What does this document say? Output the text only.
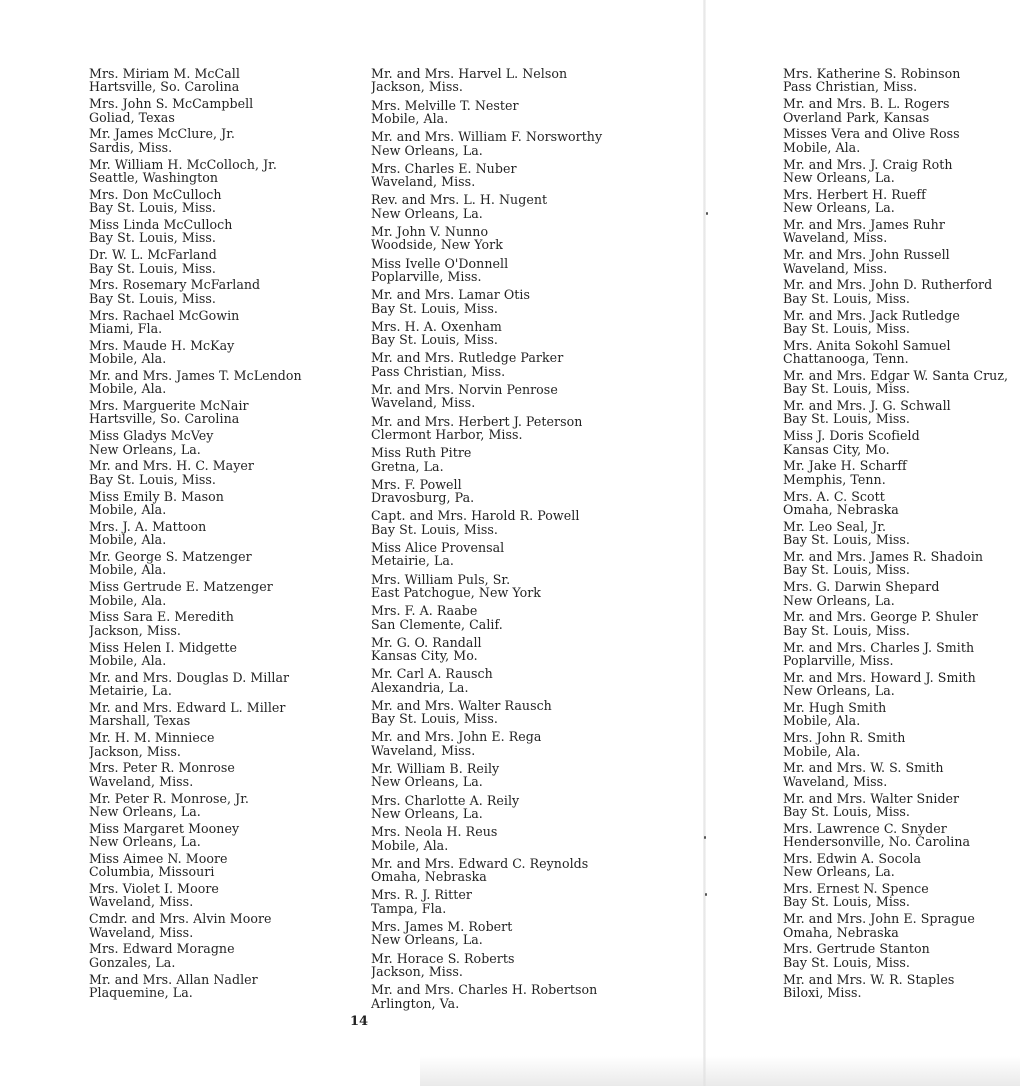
Mrs. Miriam M. McCall
Hartsville, So. Carolina
Mrs. John S. McCampbell
Goliad, Texas
Mr. James McClure, Jr.
Sardis, Miss.
Mr. William H. McColloch, Jr.
Seattle, Washington
Mrs. Don McCulloch
Bay St. Louis, Miss.
Miss Linda McCulloch
Bay St. Louis, Miss.
Dr. W. L. McFarland
Bay St. Louis, Miss.
Mrs. Rosemary McFarland
Bay St. Louis, Miss.
Mrs. Rachael McGowin
Miami, Fla.
Mrs. Maude H. McKay
Mobile, Ala.
Mr. and Mrs. James T. McLendon
Mobile, Ala.
Mrs. Marguerite McNair
Hartsville, So. Carolina
Miss Gladys McVey
New Orleans, La.
Mr. and Mrs. H. C. Mayer
Bay St. Louis, Miss.
Miss Emily B. Mason
Mobile, Ala.
Mrs. J. A. Mattoon
Mobile, Ala.
Mr. George S. Matzenger
Mobile, Ala.
Miss Gertrude E. Matzenger
Mobile, Ala.
Miss Sara E. Meredith
Jackson, Miss.
Miss Helen I. Midgette
Mobile, Ala.
Mr. and Mrs. Douglas D. Millar
Metairie, La.
Mr. and Mrs. Edward L. Miller
Marshall, Texas
Mr. H. M. Minniece
Jackson, Miss.
Mrs. Peter R. Monrose
Waveland, Miss.
Mr. Peter R. Monrose, Jr.
New Orleans, La.
Miss Margaret Mooney
New Orleans, La.
Miss Aimee N. Moore
Columbia, Missouri
Mrs. Violet I. Moore
Waveland, Miss.
Cmdr. and Mrs. Alvin Moore
Waveland, Miss.
Mrs. Edward Moragne
Gonzales, La.
Mr. and Mrs. Allan Nadler
Plaquemine, La.
Mr. and Mrs. Harvel L. Nelson
Jackson, Miss.
Mrs. Melville T. Nester
Mobile, Ala.
Mr. and Mrs. William F. Norsworthy
New Orleans, La.
Mrs. Charles E. Nuber
Waveland, Miss.
Rev. and Mrs. L. H. Nugent
New Orleans, La.
Mr. John V. Nunno
Woodside, New York
Miss Ivelle O'Donnell
Poplarville, Miss.
Mr. and Mrs. Lamar Otis
Bay St. Louis, Miss.
Mrs. H. A. Oxenham
Bay St. Louis, Miss.
Mr. and Mrs. Rutledge Parker
Pass Christian, Miss.
Mr. and Mrs. Norvin Penrose
Waveland, Miss.
Mr. and Mrs. Herbert J. Peterson
Clermont Harbor, Miss.
Miss Ruth Pitre
Gretna, La.
Mrs. F. Powell
Dravosburg, Pa.
Capt. and Mrs. Harold R. Powell
Bay St. Louis, Miss.
Miss Alice Provensal
Metairie, La.
Mrs. William Puls, Sr.
East Patchogue, New York
Mrs. F. A. Raabe
San Clemente, Calif.
Mr. G. O. Randall
Kansas City, Mo.
Mr. Carl A. Rausch
Alexandria, La.
Mr. and Mrs. Walter Rausch
Bay St. Louis, Miss.
Mr. and Mrs. John E. Rega
Waveland, Miss.
Mr. William B. Reily
New Orleans, La.
Mrs. Charlotte A. Reily
New Orleans, La.
Mrs. Neola H. Reus
Mobile, Ala.
Mr. and Mrs. Edward C. Reynolds
Omaha, Nebraska
Mrs. R. J. Ritter
Tampa, Fla.
Mrs. James M. Robert
New Orleans, La.
Mr. Horace S. Roberts
Jackson, Miss.
Mr. and Mrs. Charles H. Robertson
Arlington, Va.
Mrs. Katherine S. Robinson
Pass Christian, Miss.
Mr. and Mrs. B. L. Rogers
Overland Park, Kansas
Misses Vera and Olive Ross
Mobile, Ala.
Mr. and Mrs. J. Craig Roth
New Orleans, La.
Mrs. Herbert H. Rueff
New Orleans, La.
Mr. and Mrs. James Ruhr
Waveland, Miss.
Mr. and Mrs. John Russell
Waveland, Miss.
Mr. and Mrs. John D. Rutherford
Bay St. Louis, Miss.
Mr. and Mrs. Jack Rutledge
Bay St. Louis, Miss.
Mrs. Anita Sokohl Samuel
Chattanooga, Tenn.
Mr. and Mrs. Edgar W. Santa Cruz,
Bay St. Louis, Miss.
Mr. and Mrs. J. G. Schwall
Bay St. Louis, Miss.
Miss J. Doris Scofield
Kansas City, Mo.
Mr. Jake H. Scharff
Memphis, Tenn.
Mrs. A. C. Scott
Omaha, Nebraska
Mr. Leo Seal, Jr.
Bay St. Louis, Miss.
Mr. and Mrs. James R. Shadoin
Bay St. Louis, Miss.
Mrs. G. Darwin Shepard
New Orleans, La.
Mr. and Mrs. George P. Shuler
Bay St. Louis, Miss.
Mr. and Mrs. Charles J. Smith
Poplarville, Miss.
Mr. and Mrs. Howard J. Smith
New Orleans, La.
Mr. Hugh Smith
Mobile, Ala.
Mrs. John R. Smith
Mobile, Ala.
Mr. and Mrs. W. S. Smith
Waveland, Miss.
Mr. and Mrs. Walter Snider
Bay St. Louis, Miss.
Mrs. Lawrence C. Snyder
Hendersonville, No. Carolina
Mrs. Edwin A. Socola
New Orleans, La.
Mrs. Ernest N. Spence
Bay St. Louis, Miss.
Mr. and Mrs. John E. Sprague
Omaha, Nebraska
Mrs. Gertrude Stanton
Bay St. Louis, Miss.
Mr. and Mrs. W. R. Staples
Biloxi, Miss.
14
